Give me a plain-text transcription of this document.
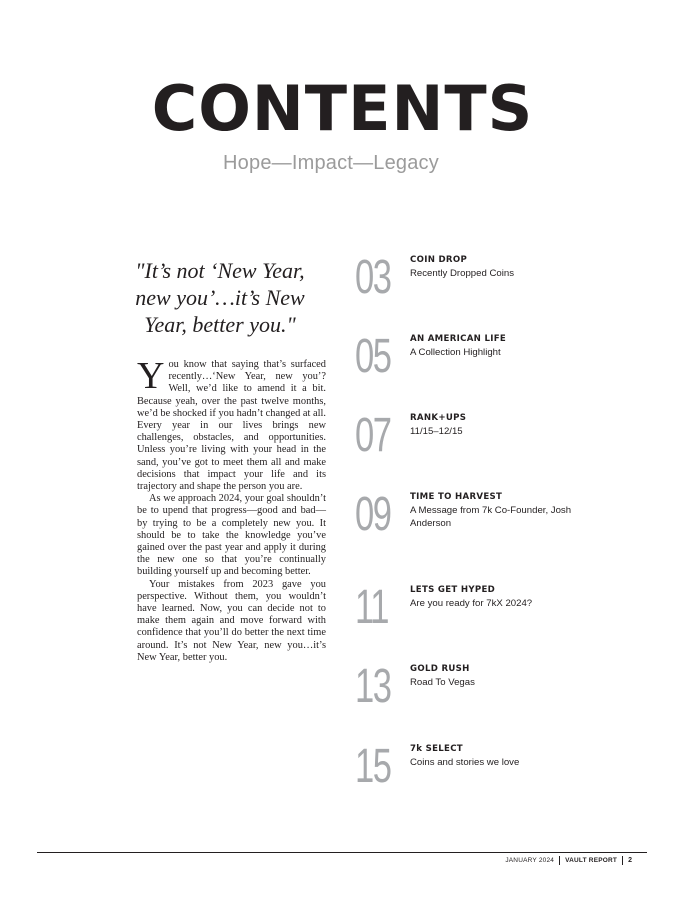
CONTENTS
Hope—Impact—Legacy
"It’s not ‘New Year, new you’…it’s New Year, better you."

You know that saying that’s surfaced recently…‘New Year, new you’? Well, we’d like to amend it a bit. Because yeah, over the past twelve months, we’d be shocked if you hadn’t changed at all. Every year in our lives brings new challenges, obstacles, and opportunities. Unless you’re living with your head in the sand, you’ve got to meet them all and make decisions that impact your life and its trajectory and shape the person you are.

As we approach 2024, your goal shouldn’t be to upend that progress—good and bad—by trying to be a completely new you. It should be to take the knowledge you’ve gained over the past year and apply it during the new one so that you’re continually building yourself up and becoming better.

Your mistakes from 2023 gave you perspective. Without them, you wouldn’t have learned. Now, you can decide not to make them again and move forward with confidence that you’ll do better the next time around. It’s not New Year, new you…it’s New Year, better you.

03 COIN DROP
Recently Dropped Coins
05 AN AMERICAN LIFE
A Collection Highlight
07 RANK+UPS
11/15–12/15
09 TIME TO HARVEST
A Message from 7k Co-Founder, Josh Anderson
11	LETS GET HYPED
Are you ready for 7kX 2024?
13 GOLD RUSH
Road To Vegas
15 7k SELECT
Coins and stories we love
JANUARY 2024 VAULT REPORT 2
